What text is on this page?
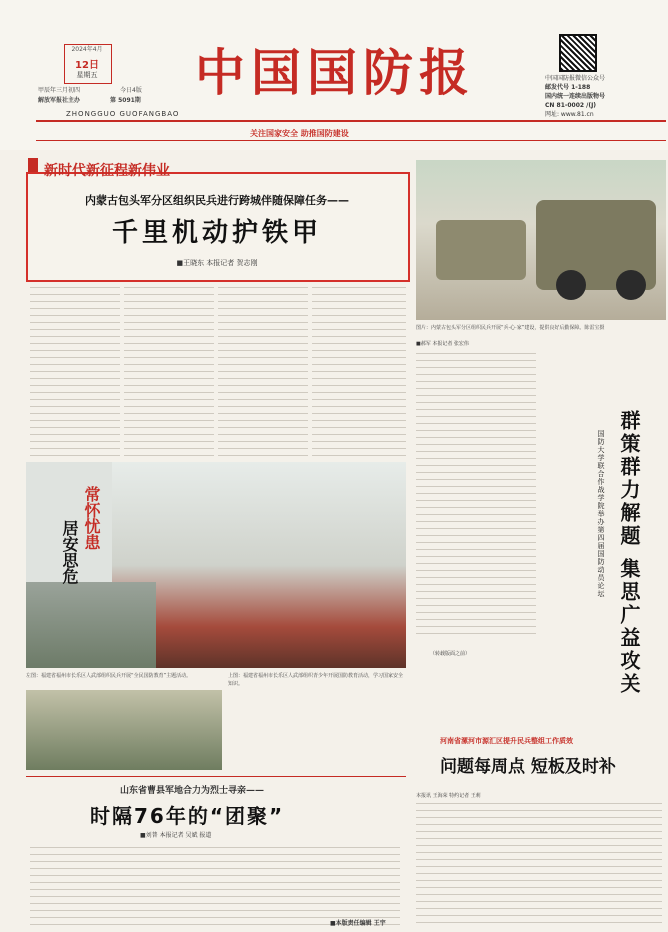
2024年4月
12日
星期五
甲辰年三月初四	今日4版
解放军报社主办	第 5091期 中国国防报
ZHONGGUO GUOFANGBAO
关注国家安全 助推国防建设
中国国防报微信公众号
邮发代号 1-188
国内统一连续出版物号
CN 81-0002 /(J)
网址: www.81.cn
新时代新征程新伟业
内蒙古包头军分区组织民兵进行跨城伴随保障任务——
千里机动护铁甲
■王晓东 本报记者 贺志刚
图片：内蒙古包头军分区组织民兵开展“兵·心·家”建设，提供良好后勤保障。陈雷宝摄
■郝军 本报记者 张宏伟
群策群力解题 集思广益攻关
国防大学联合作战学院举办第四届国防动员论坛
（转载版面之前）
常怀忧患
居安思危
左图：福建省福州市长乐区人武部组织民兵开展“全民国防教育”主题活动。	上图：福建省福州市长乐区人武部组织青少年开展国防教育活动，学习国家安全知识。
山东省曹县军地合力为烈士寻亲——
时隔76年的“团聚”
■刘普 本报记者 吴斌 报道
河南省漯河市源汇区提升民兵整组工作质效
问题每周点 短板及时补
本报讯 王海荣 特约记者 王莉
■本版责任编辑 王宇
